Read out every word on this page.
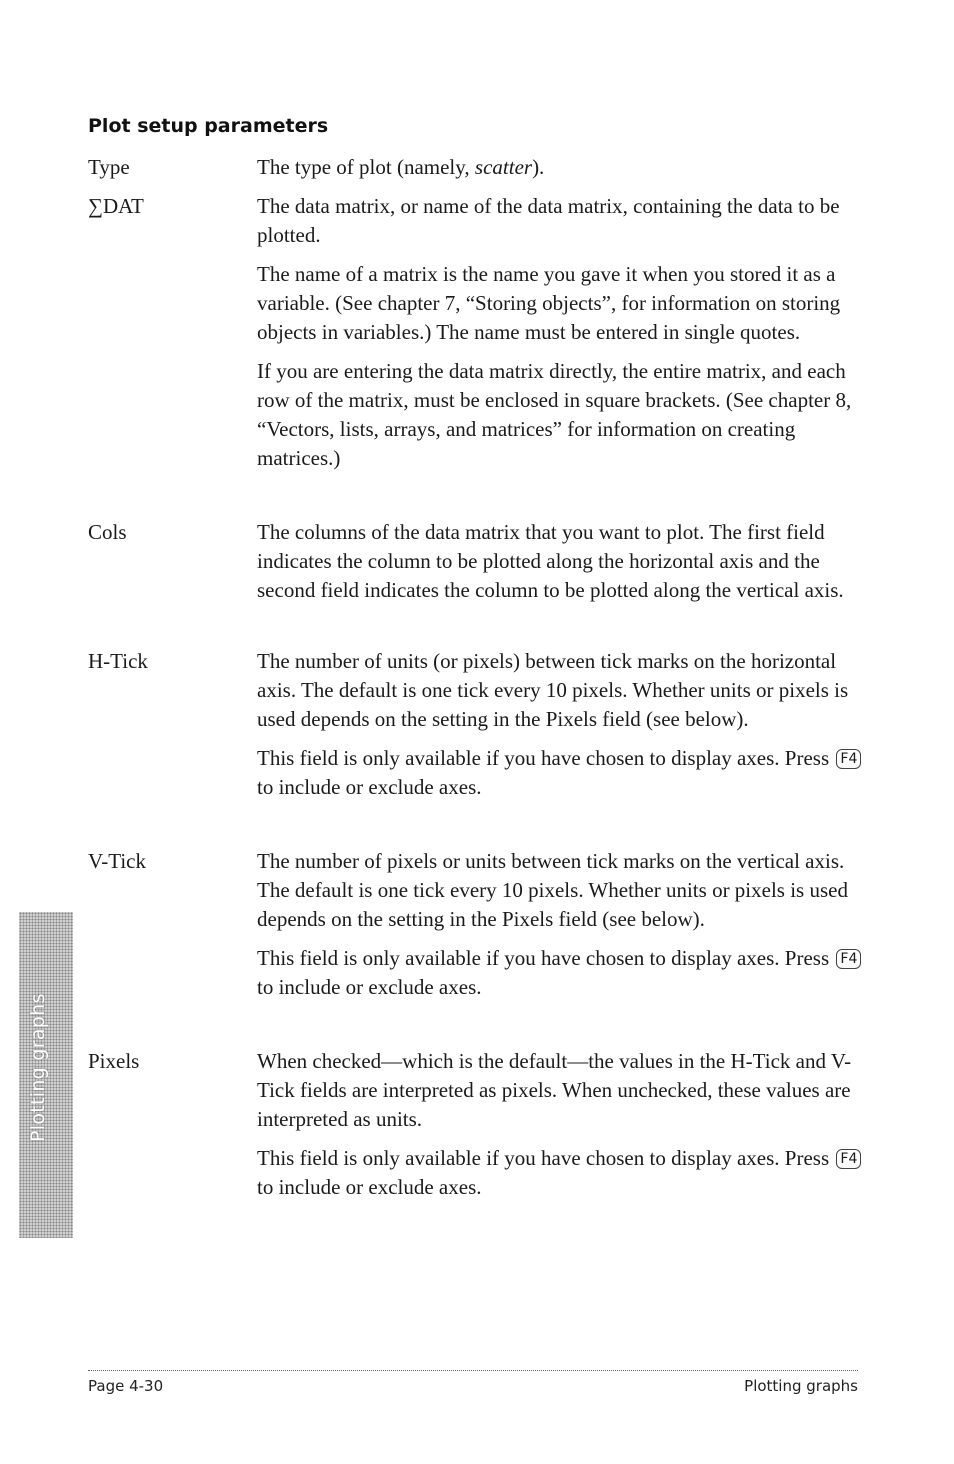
Plot setup parameters
Type	The type of plot (namely, scatter).

∑DAT	The data matrix, or name of the data matrix, containing the data to be plotted.

The name of a matrix is the name you gave it when you stored it as a variable. (See chapter 7, “Storing objects”, for information on storing objects in variables.) The name must be entered in single quotes.

If you are entering the data matrix directly, the entire matrix, and each row of the matrix, must be enclosed in square brackets. (See chapter 8, “Vectors, lists, arrays, and matrices” for information on creating matrices.)

Cols	The columns of the data matrix that you want to plot. The first field indicates the column to be plotted along the horizontal axis and the second field indicates the column to be plotted along the vertical axis.

H-Tick	The number of units (or pixels) between tick marks on the horizontal axis. The default is one tick every 10 pixels. Whether units or pixels is used depends on the setting in the Pixels field (see below).

This field is only available if you have chosen to display axes. Press F4 to include or exclude axes.

V-Tick	The number of pixels or units between tick marks on the vertical axis. The default is one tick every 10 pixels. Whether units or pixels is used depends on the setting in the Pixels field (see below).

This field is only available if you have chosen to display axes. Press F4 to include or exclude axes.

Pixels	When checked—which is the default—the values in the H-Tick and V-Tick fields are interpreted as pixels. When unchecked, these values are interpreted as units.

This field is only available if you have chosen to display axes. Press F4 to include or exclude axes.

Plotting graphs
Page 4-30	Plotting graphs
